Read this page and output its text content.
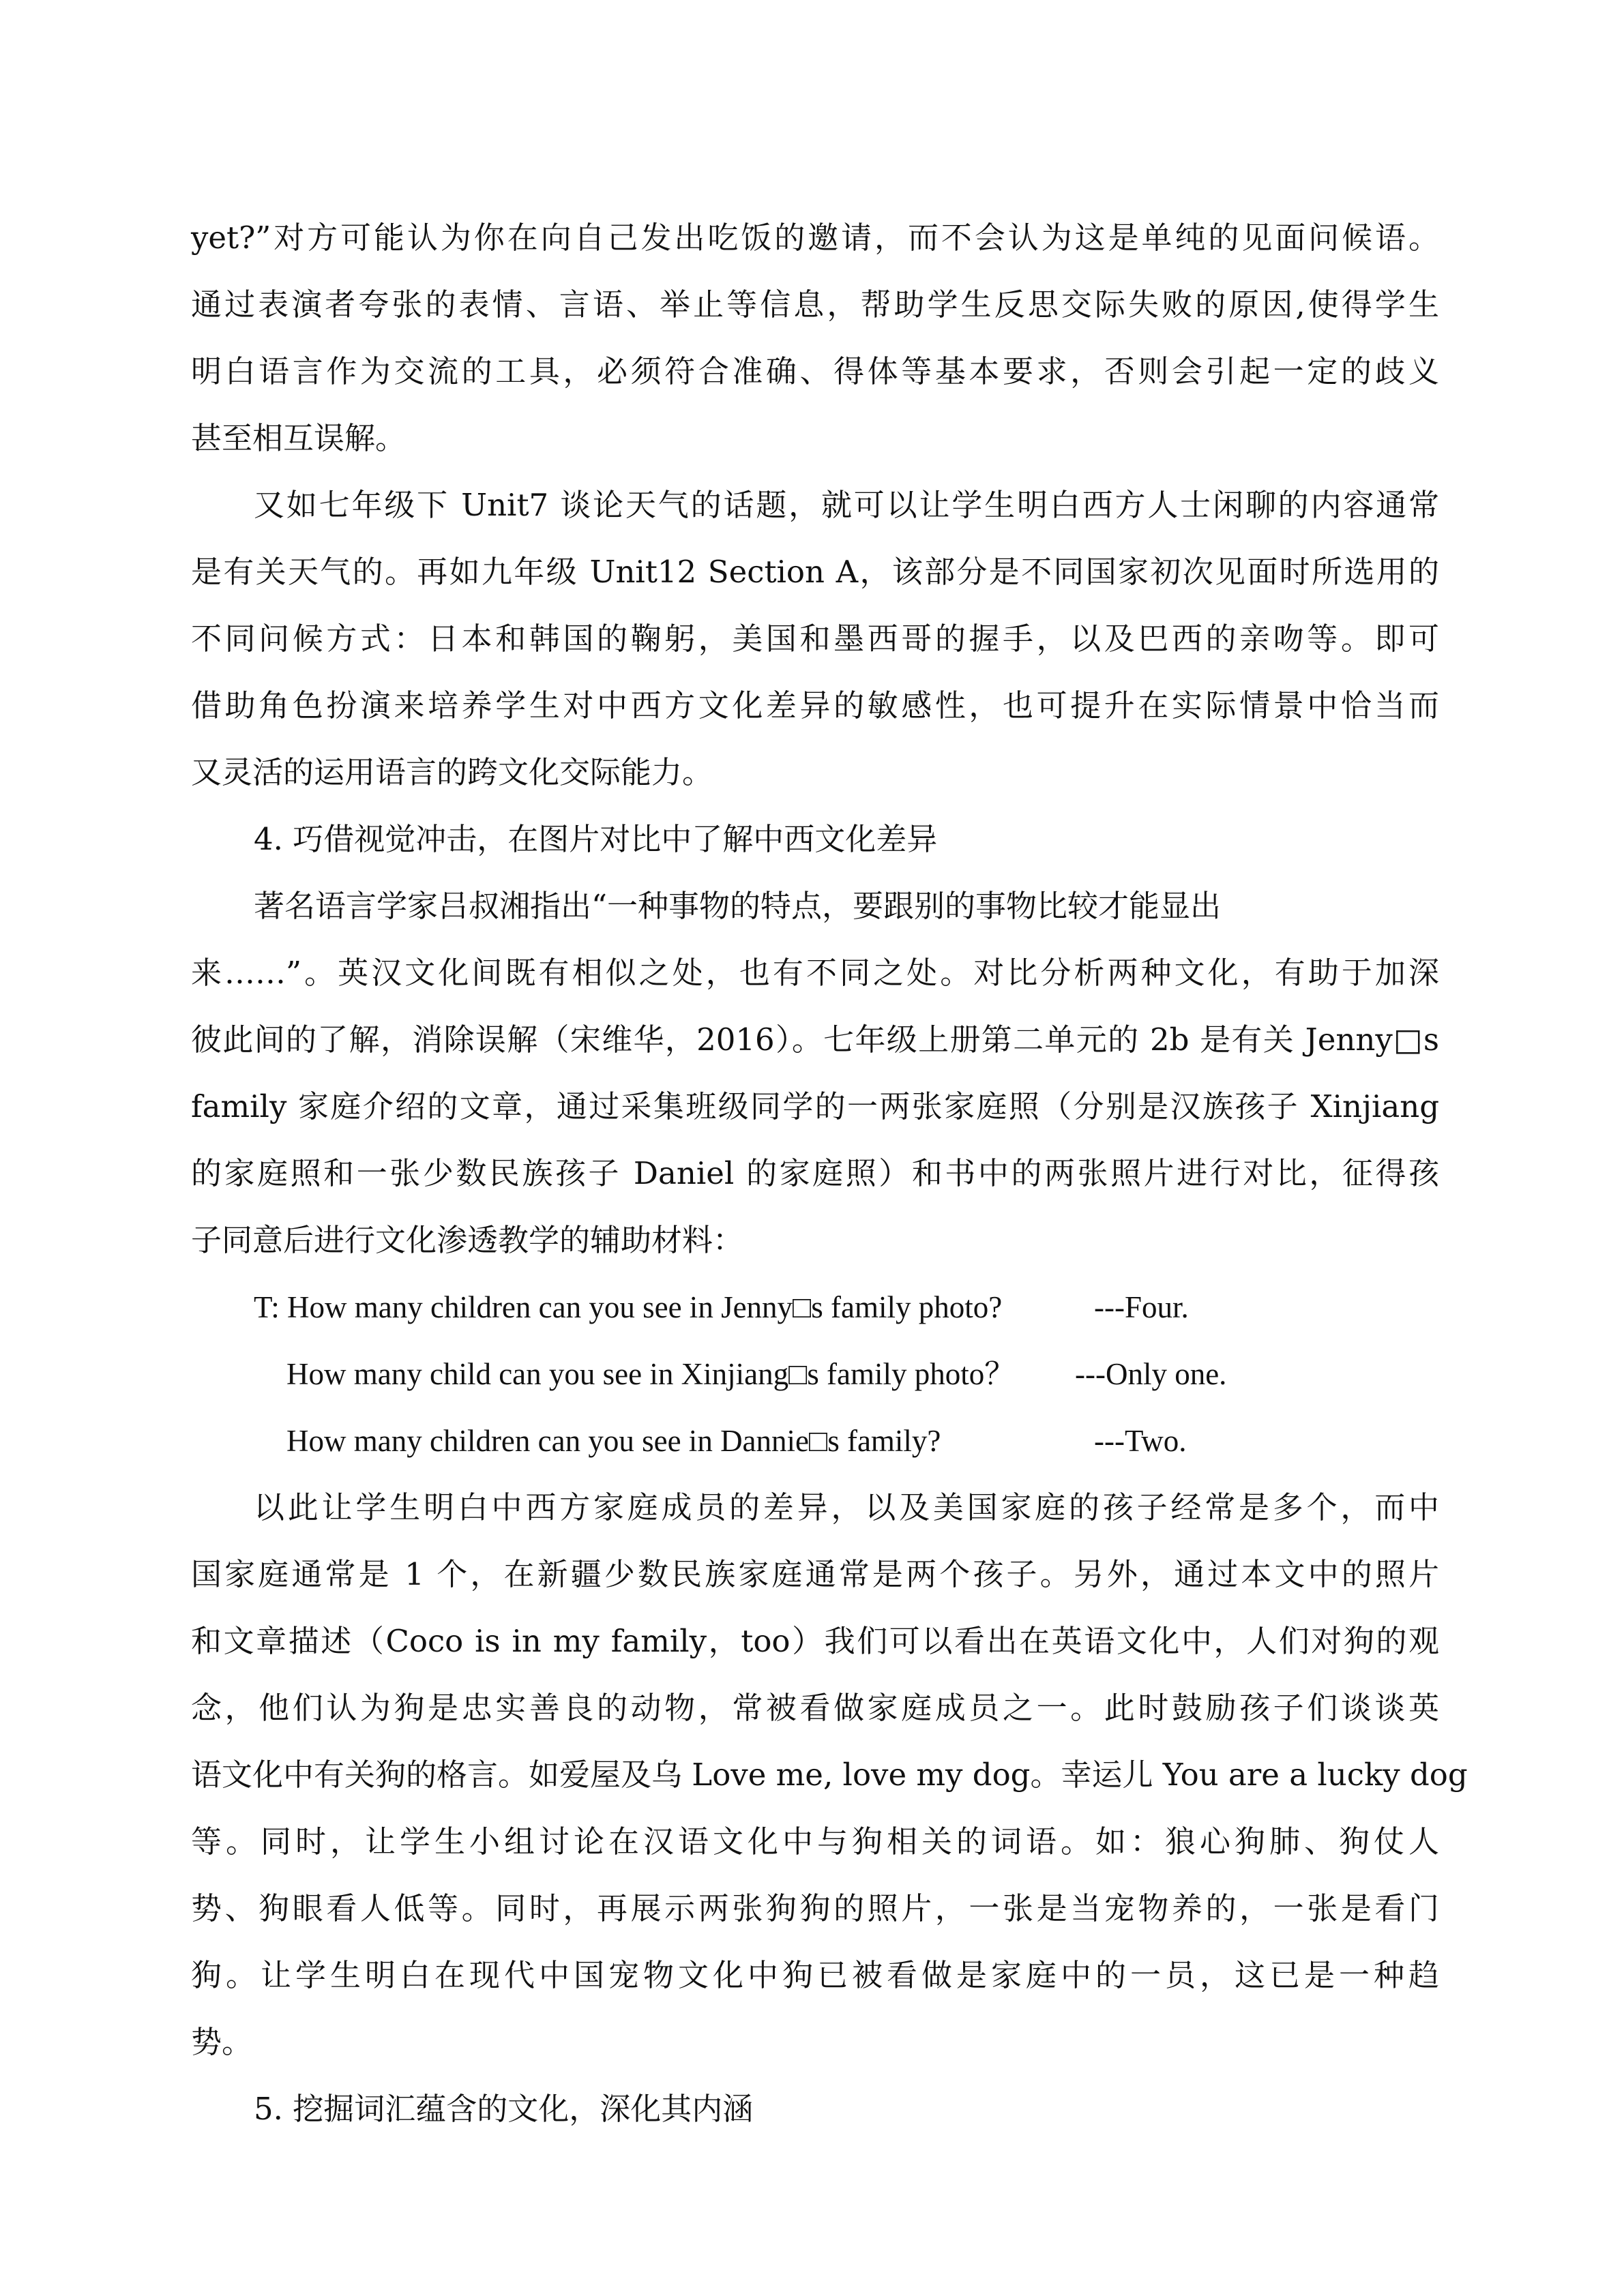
yet?”对方可能认为你在向自己发出吃饭的邀请，而不会认为这是单纯的见面问候语。
通过表演者夸张的表情、言语、举止等信息，帮助学生反思交际失败的原因,使得学生
明白语言作为交流的工具，必须符合准确、得体等基本要求，否则会引起一定的歧义
甚至相互误解。
又如七年级下 Unit7 谈论天气的话题，就可以让学生明白西方人士闲聊的内容通常
是有关天气的。再如九年级 Unit12 Section A，该部分是不同国家初次见面时所选用的
不同问候方式：日本和韩国的鞠躬，美国和墨西哥的握手，以及巴西的亲吻等。即可
借助角色扮演来培养学生对中西方文化差异的敏感性，也可提升在实际情景中恰当而
又灵活的运用语言的跨文化交际能力。
4. 巧借视觉冲击，在图片对比中了解中西文化差异
著名语言学家吕叔湘指出“一种事物的特点，要跟别的事物比较才能显出
来……”。英汉文化间既有相似之处，也有不同之处。对比分析两种文化，有助于加深
彼此间的了解，消除误解（宋维华，2016）。七年级上册第二单元的 2b 是有关 Jenny□s
family 家庭介绍的文章，通过采集班级同学的一两张家庭照（分别是汉族孩子 Xinjiang
的家庭照和一张少数民族孩子 Daniel 的家庭照）和书中的两张照片进行对比，征得孩
子同意后进行文化渗透教学的辅助材料：
T: How many children can you see in Jenny□s family photo?	---Four.
How many child can you see in Xinjiang□s family photo？	---Only one.
How many children can you see in Dannie□s family?	---Two.
以此让学生明白中西方家庭成员的差异，以及美国家庭的孩子经常是多个，而中
国家庭通常是 1 个，在新疆少数民族家庭通常是两个孩子。另外，通过本文中的照片
和文章描述（Coco is in my family，too）我们可以看出在英语文化中，人们对狗的观
念，他们认为狗是忠实善良的动物，常被看做家庭成员之一。此时鼓励孩子们谈谈英
语文化中有关狗的格言。如爱屋及乌 Love me, love my dog。幸运儿 You are a lucky dog
等。同时，让学生小组讨论在汉语文化中与狗相关的词语。如：狼心狗肺、狗仗人
势、狗眼看人低等。同时，再展示两张狗狗的照片，一张是当宠物养的，一张是看门
狗。让学生明白在现代中国宠物文化中狗已被看做是家庭中的一员，这已是一种趋
势。
5. 挖掘词汇蕴含的文化，深化其内涵
